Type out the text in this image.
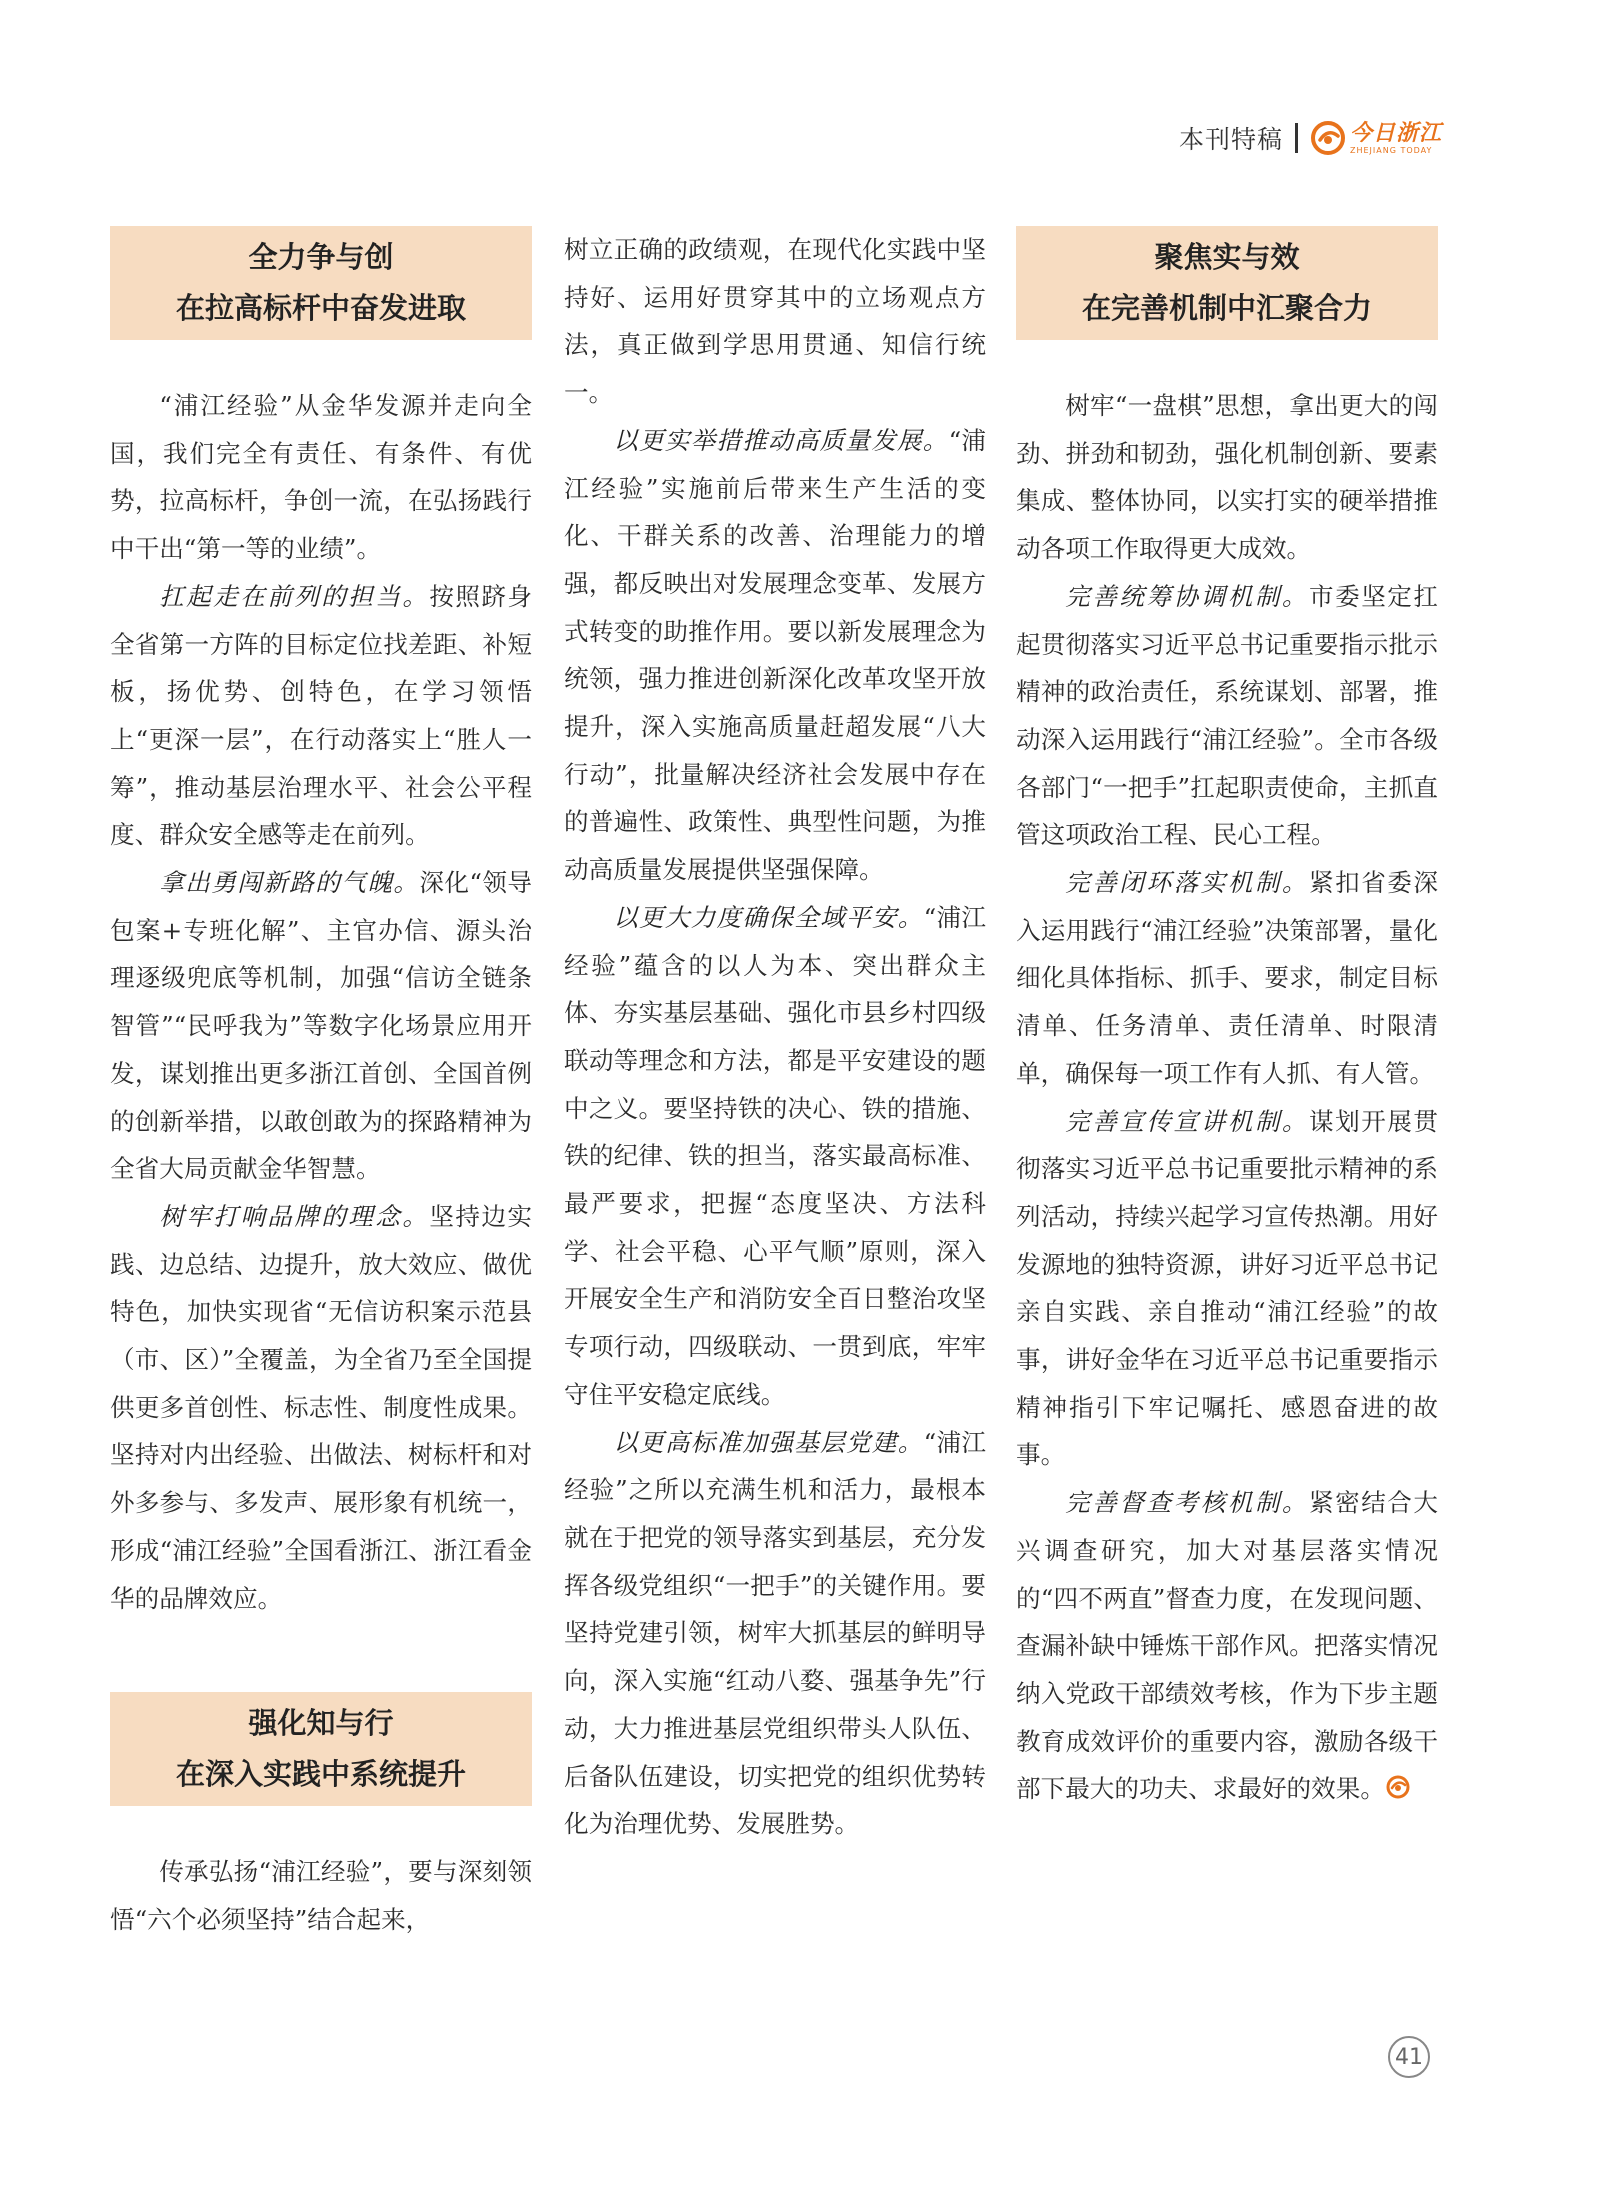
本刊特稿	今日浙江
ZHEJIANG TODAY
全力争与创
在拉高标杆中奋发进取

“浦江经验”从金华发源并走向全国，我们完全有责任、有条件、有优势，拉高标杆，争创一流，在弘扬践行中干出“第一等的业绩”。

扛起走在前列的担当。按照跻身全省第一方阵的目标定位找差距、补短板，扬优势、创特色，在学习领悟上“更深一层”，在行动落实上“胜人一筹”，推动基层治理水平、社会公平程度、群众安全感等走在前列。

拿出勇闯新路的气魄。深化“领导包案+专班化解”、主官办信、源头治理逐级兜底等机制，加强“信访全链条智管”“民呼我为”等数字化场景应用开发，谋划推出更多浙江首创、全国首例的创新举措，以敢创敢为的探路精神为全省大局贡献金华智慧。

树牢打响品牌的理念。坚持边实践、边总结、边提升，放大效应、做优特色，加快实现省“无信访积案示范县（市、区）”全覆盖，为全省乃至全国提供更多首创性、标志性、制度性成果。坚持对内出经验、出做法、树标杆和对外多参与、多发声、展形象有机统一，形成“浦江经验”全国看浙江、浙江看金华的品牌效应。

强化知与行
在深入实践中系统提升

传承弘扬“浦江经验”，要与深刻领悟“六个必须坚持”结合起来，

树立正确的政绩观，在现代化实践中坚持好、运用好贯穿其中的立场观点方法，真正做到学思用贯通、知信行统一。

以更实举措推动高质量发展。“浦江经验”实施前后带来生产生活的变化、干群关系的改善、治理能力的增强，都反映出对发展理念变革、发展方式转变的助推作用。要以新发展理念为统领，强力推进创新深化改革攻坚开放提升，深入实施高质量赶超发展“八大行动”，批量解决经济社会发展中存在的普遍性、政策性、典型性问题，为推动高质量发展提供坚强保障。

以更大力度确保全域平安。“浦江经验”蕴含的以人为本、突出群众主体、夯实基层基础、强化市县乡村四级联动等理念和方法，都是平安建设的题中之义。要坚持铁的决心、铁的措施、铁的纪律、铁的担当，落实最高标准、最严要求，把握“态度坚决、方法科学、社会平稳、心平气顺”原则，深入开展安全生产和消防安全百日整治攻坚专项行动，四级联动、一贯到底，牢牢守住平安稳定底线。

以更高标准加强基层党建。“浦江经验”之所以充满生机和活力，最根本就在于把党的领导落实到基层，充分发挥各级党组织“一把手”的关键作用。要坚持党建引领，树牢大抓基层的鲜明导向，深入实施“红动八婺、强基争先”行动，大力推进基层党组织带头人队伍、后备队伍建设，切实把党的组织优势转化为治理优势、发展胜势。

聚焦实与效
在完善机制中汇聚合力

树牢“一盘棋”思想，拿出更大的闯劲、拼劲和韧劲，强化机制创新、要素集成、整体协同，以实打实的硬举措推动各项工作取得更大成效。

完善统筹协调机制。市委坚定扛起贯彻落实习近平总书记重要指示批示精神的政治责任，系统谋划、部署，推动深入运用践行“浦江经验”。全市各级各部门“一把手”扛起职责使命，主抓直管这项政治工程、民心工程。

完善闭环落实机制。紧扣省委深入运用践行“浦江经验”决策部署，量化细化具体指标、抓手、要求，制定目标清单、任务清单、责任清单、时限清单，确保每一项工作有人抓、有人管。

完善宣传宣讲机制。谋划开展贯彻落实习近平总书记重要批示精神的系列活动，持续兴起学习宣传热潮。用好发源地的独特资源，讲好习近平总书记亲自实践、亲自推动“浦江经验”的故事，讲好金华在习近平总书记重要指示精神指引下牢记嘱托、感恩奋进的故事。

完善督查考核机制。紧密结合大兴调查研究，加大对基层落实情况的“四不两直”督查力度，在发现问题、查漏补缺中锤炼干部作风。把落实情况纳入党政干部绩效考核，作为下步主题教育成效评价的重要内容，激励各级干部下最大的功夫、求最好的效果。

41
